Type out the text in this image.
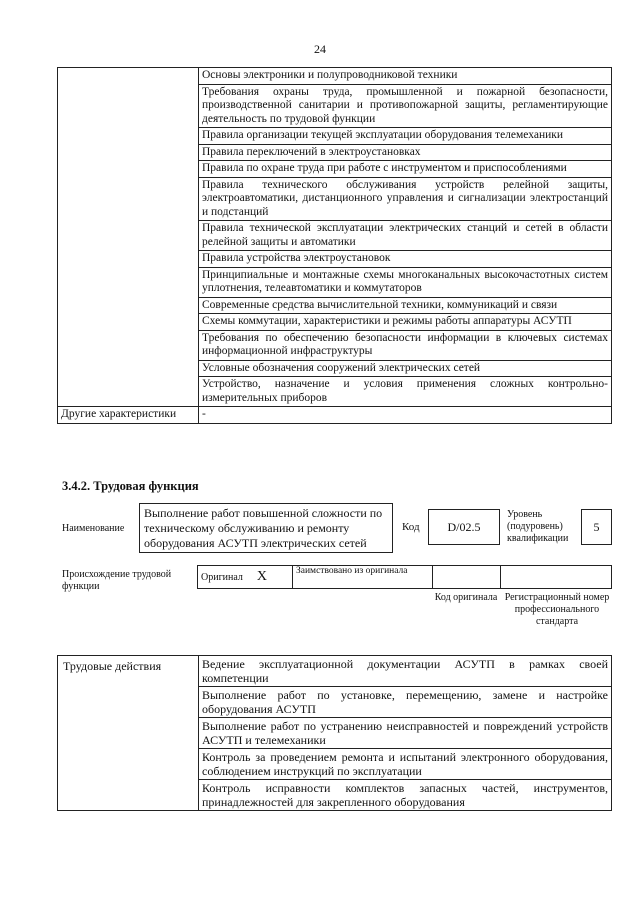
24
	Основы электроники и полупроводниковой техники
	Требования охраны труда, промышленной и пожарной безопасности, производственной санитарии и противопожарной защиты, регламентирующие деятельность по трудовой функции
	Правила организации текущей эксплуатации оборудования телемеханики
	Правила переключений в электроустановках
	Правила по охране труда при работе с инструментом и приспособлениями
	Правила технического обслуживания устройств релейной защиты, электроавтоматики, дистанционного управления и сигнализации электростанций и подстанций
	Правила технической эксплуатации электрических станций и сетей в области релейной защиты и автоматики
	Правила устройства электроустановок
	Принципиальные и монтажные схемы многоканальных высокочастотных систем уплотнения, телеавтоматики и коммутаторов
	Современные средства вычислительной техники, коммуникаций и связи
	Схемы коммутации, характеристики и режимы работы аппаратуры АСУТП
	Требования по обеспечению безопасности информации в ключевых системах информационной инфраструктуры
	Условные обозначения сооружений электрических сетей
	Устройство, назначение и условия применения сложных контрольно-измерительных приборов
Другие характеристики	-
3.4.2. Трудовая функция
Наименование
Выполнение работ повышенной сложности по техническому обслуживанию и ремонту оборудования АСУТП электрических сетей
Код	D/02.5
Уровень (подуровень) квалификации
5
Происхождение трудовой функции
Оригинал X	Заимствовано из оригинала		
Код оригинала Регистрационный номер профессионального стандарта
Трудовые действия	Ведение эксплуатационной документации АСУТП в рамках своей компетенции
Выполнение работ по установке, перемещению, замене и настройке оборудования АСУТП
Выполнение работ по устранению неисправностей и повреждений устройств АСУТП и телемеханики
Контроль за проведением ремонта и испытаний электронного оборудования, соблюдением инструкций по эксплуатации
Контроль исправности комплектов запасных частей, инструментов, принадлежностей для закрепленного оборудования
